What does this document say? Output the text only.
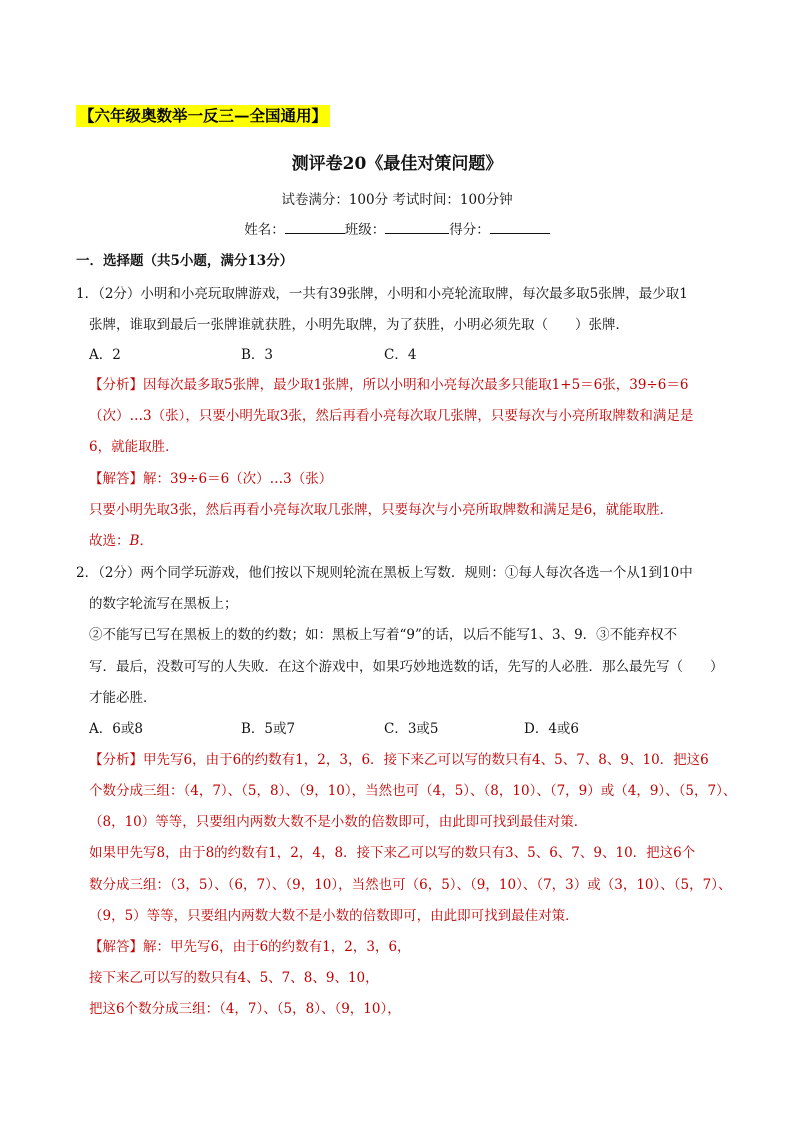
【六年级奥数举一反三—全国通用】
测评卷20《最佳对策问题》
试卷满分：100分 考试时间：100分钟
姓名：	班级：	得分：
一．选择题（共5小题，满分13分）
1．（2分）小明和小亮玩取牌游戏，一共有39张牌，小明和小亮轮流取牌，每次最多取5张牌，最少取1
张牌，谁取到最后一张牌谁就获胜，小明先取牌，为了获胜，小明必须先取（　　）张牌．
A．2	B．3	C．4
【分析】因每次最多取5张牌，最少取1张牌，所以小明和小亮每次最多只能取1+5＝6张，39÷6＝6
（次）…3（张），只要小明先取3张，然后再看小亮每次取几张牌，只要每次与小亮所取牌数和满足是
6，就能取胜．
【解答】解：39÷6＝6（次）…3（张）
只要小明先取3张，然后再看小亮每次取几张牌，只要每次与小亮所取牌数和满足是6，就能取胜．
故选：B．
2．（2分）两个同学玩游戏，他们按以下规则轮流在黑板上写数．规则：①每人每次各选一个从1到10中
的数字轮流写在黑板上；
②不能写已写在黑板上的数的约数；如：黑板上写着“9”的话，以后不能写1、3、9．③不能弃权不
写．最后，没数可写的人失败．在这个游戏中，如果巧妙地选数的话，先写的人必胜．那么最先写（　　）
才能必胜．
A．6或8	B．5或7	C．3或5	D．4或6
【分析】甲先写6，由于6的约数有1，2，3，6．接下来乙可以写的数只有4、5、7、8、9、10．把这6
个数分成三组：（4，7）、（5，8）、（9，10），当然也可（4，5）、（8，10）、（7，9）或（4，9）、（5，7）、
（8，10）等等，只要组内两数大数不是小数的倍数即可，由此即可找到最佳对策．
如果甲先写8，由于8的约数有1，2，4，8．接下来乙可以写的数只有3、5、6、7、9、10．把这6个
数分成三组：（3，5）、（6，7）、（9，10），当然也可（6，5）、（9，10）、（7，3）或（3，10）、（5，7）、
（9，5）等等，只要组内两数大数不是小数的倍数即可，由此即可找到最佳对策．
【解答】解：甲先写6，由于6的约数有1，2，3，6，
接下来乙可以写的数只有4、5、7、8、9、10，
把这6个数分成三组：（4，7）、（5，8）、（9，10），
